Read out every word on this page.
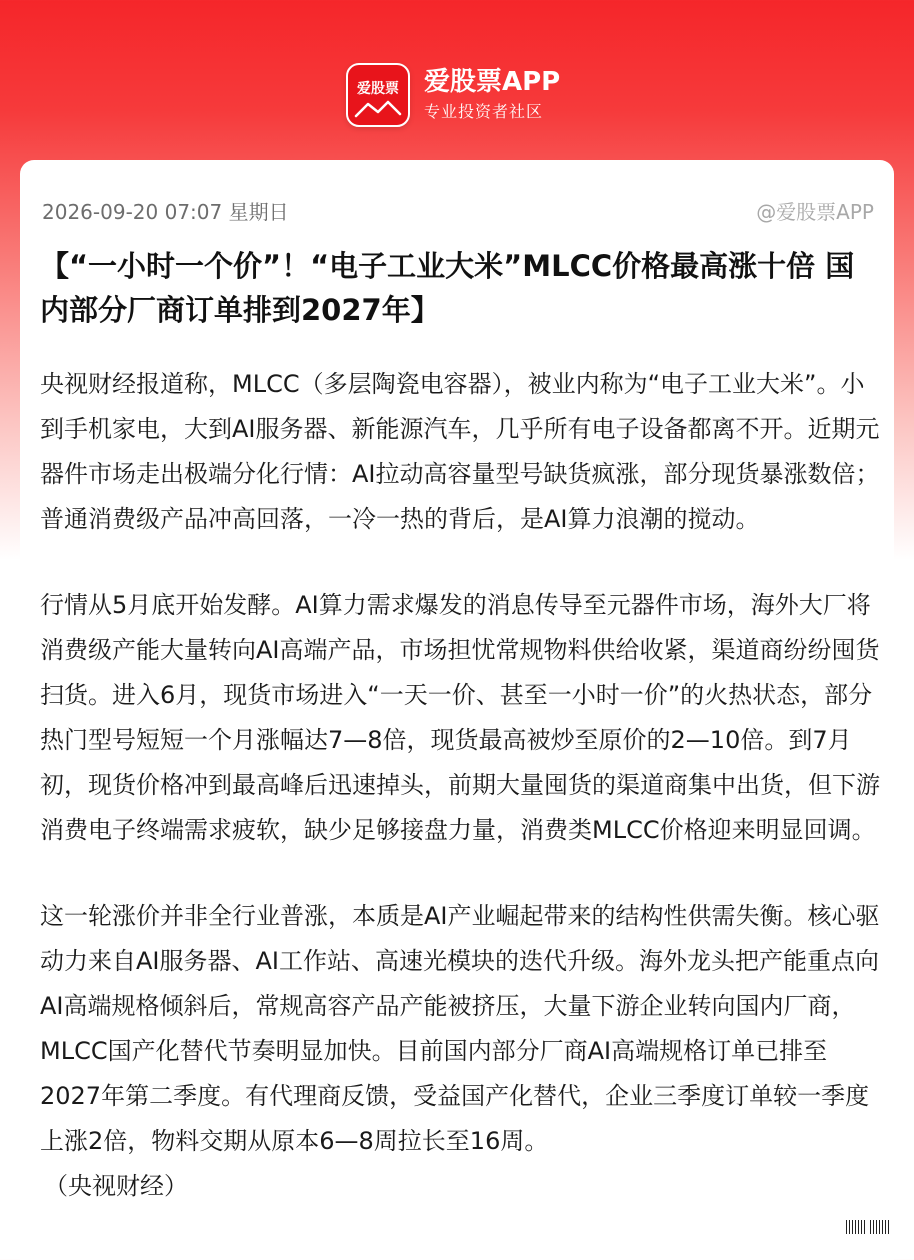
爱股票 爱股票APP
专业投资者社区
2026-09-20 07:07 星期日	@爱股票APP
【“一小时一个价”！“电子工业大米”MLCC价格最高涨十倍 国内部分厂商订单排到2027年】

央视财经报道称，MLCC（多层陶瓷电容器），被业内称为“电子工业大米”。小到手机家电，大到AI服务器、新能源汽车，几乎所有电子设备都离不开。近期元器件市场走出极端分化行情：AI拉动高容量型号缺货疯涨，部分现货暴涨数倍；普通消费级产品冲高回落，一冷一热的背后，是AI算力浪潮的搅动。

行情从5月底开始发酵。AI算力需求爆发的消息传导至元器件市场，海外大厂将消费级产能大量转向AI高端产品，市场担忧常规物料供给收紧，渠道商纷纷囤货扫货。进入6月，现货市场进入“一天一价、甚至一小时一价”的火热状态，部分热门型号短短一个月涨幅达7—8倍，现货最高被炒至原价的2—10倍。到7月初，现货价格冲到最高峰后迅速掉头，前期大量囤货的渠道商集中出货，但下游消费电子终端需求疲软，缺少足够接盘力量，消费类MLCC价格迎来明显回调。

这一轮涨价并非全行业普涨，本质是AI产业崛起带来的结构性供需失衡。核心驱动力来自AI服务器、AI工作站、高速光模块的迭代升级。海外龙头把产能重点向AI高端规格倾斜后，常规高容产品产能被挤压，大量下游企业转向国内厂商，MLCC国产化替代节奏明显加快。目前国内部分厂商AI高端规格订单已排至2027年第二季度。有代理商反馈，受益国产化替代，企业三季度订单较一季度上涨2倍，物料交期从原本6—8周拉长至16周。

（央视财经）
